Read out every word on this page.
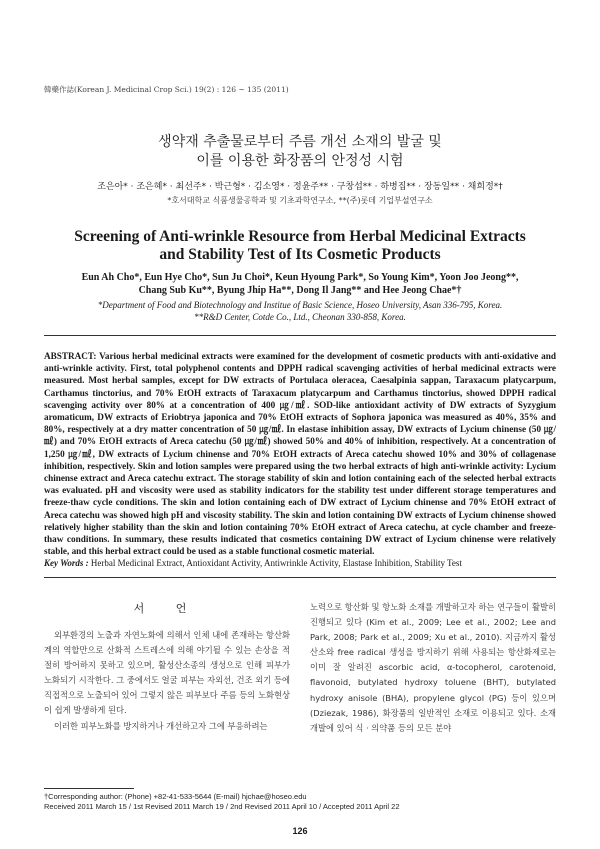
韓藥作誌(Korean J. Medicinal Crop Sci.) 19(2) : 126 ~ 135 (2011)
생약재 추출물로부터 주름 개선 소재의 발굴 및
이를 이용한 화장품의 안정성 시험
조은아* · 조은혜* · 최선주* · 박근형* · 김소영* · 정윤주** · 구창섭** · 하병집** · 장동일** · 채희정*†
*호서대학교 식품생물공학과 및 기초과학연구소, **(주)롯데 기업부설연구소
Screening of Anti-wrinkle Resource from Herbal Medicinal Extracts
and Stability Test of Its Cosmetic Products
Eun Ah Cho*, Eun Hye Cho*, Sun Ju Choi*, Keun Hyoung Park*, So Young Kim*, Yoon Joo Jeong**,
Chang Sub Ku**, Byung Jhip Ha**, Dong Il Jang** and Hee Jeong Chae*†
*Department of Food and Biotechnology and Institue of Basic Science, Hoseo University, Asan 336-795, Korea.
**R&D Center, Cotde Co., Ltd., Cheonan 330-858, Korea.
ABSTRACT: Various herbal medicinal extracts were examined for the development of cosmetic products with anti-oxidative and anti-wrinkle activity. First, total polyphenol contents and DPPH radical scavenging activities of herbal medicinal extracts were measured. Most herbal samples, except for DW extracts of Portulaca oleracea, Caesalpinia sappan, Taraxacum platycarpum, Carthamus tinctorius, and 70% EtOH extracts of Taraxacum platycarpum and Carthamus tinctorius, showed DPPH radical scavenging activity over 80% at a concentration of 400 ㎍/㎖. SOD-like antioxidant activity of DW extracts of Syzygium aromaticum, DW extracts of Eriobtrya japonica and 70% EtOH extracts of Sophora japonica was measured as 40%, 35% and 80%, respectively at a dry matter concentration of 50 ㎍/㎖. In elastase inhibition assay, DW extracts of Lycium chinense (50 ㎍/㎖) and 70% EtOH extracts of Areca catechu (50 ㎍/㎖) showed 50% and 40% of inhibition, respectively. At a concentration of 1,250 ㎍/㎖, DW extracts of Lycium chinense and 70% EtOH extracts of Areca catechu showed 10% and 30% of collagenase inhibition, respectively. Skin and lotion samples were prepared using the two herbal extracts of high anti-wrinkle activity: Lycium chinense extract and Areca catechu extract. The storage stability of skin and lotion containing each of the selected herbal extracts was evaluated. pH and viscosity were used as stability indicators for the stability test under different storage temperatures and freeze-thaw cycle conditions. The skin and lotion containing each of DW extract of Lycium chinense and 70% EtOH extract of Areca catechu was showed high pH and viscosity stability. The skin and lotion containing DW extracts of Lycium chinense showed relatively higher stability than the skin and lotion containing 70% EtOH extract of Areca catechu, at cycle chamber and freeze-thaw conditions. In summary, these results indicated that cosmetics containing DW extract of Lycium chinense were relatively stable, and this herbal extract could be used as a stable functional cosmetic material.
Key Words : Herbal Medicinal Extract, Antioxidant Activity, Antiwrinkle Activity, Elastase Inhibition, Stability Test
서 언

외부환경의 노출과 자연노화에 의해서 인체 내에 존재하는 항산화계의 역할만으로 산화적 스트레스에 의해 야기될 수 있는 손상을 적절히 방어하지 못하고 있으며, 활성산소종의 생성으로 인해 피부가 노화되기 시작한다. 그 중에서도 얼굴 피부는 자외선, 건조 외기 등에 직접적으로 노출되어 있어 그렇지 않은 피부보다 주름 등의 노화현상이 쉽게 발생하게 된다.

이러한 피부노화를 방지하거나 개선하고자 그에 부응하려는

노력으로 항산화 및 항노화 소재를 개발하고자 하는 연구들이 활발히 진행되고 있다 (Kim et al., 2009; Lee et al., 2002; Lee and Park, 2008; Park et al., 2009; Xu et al., 2010). 지금까지 활성산소와 free radical 생성을 방지하기 위해 사용되는 항산화제로는 이미 잘 알려진 ascorbic acid, α-tocopherol, carotenoid, flavonoid, butylated hydroxy toluene (BHT), butylated hydroxy anisole (BHA), propylene glycol (PG) 등이 있으며 (Dziezak, 1986), 화장품의 일반적인 소재로 이용되고 있다. 소재 개발에 있어 식 · 의약품 등의 모든 분야

†Corresponding author: (Phone) +82-41-533-5644 (E-mail) hjchae@hoseo.edu
Received 2011 March 15 / 1st Revised 2011 March 19 / 2nd Revised 2011 April 10 / Accepted 2011 April 22
126
